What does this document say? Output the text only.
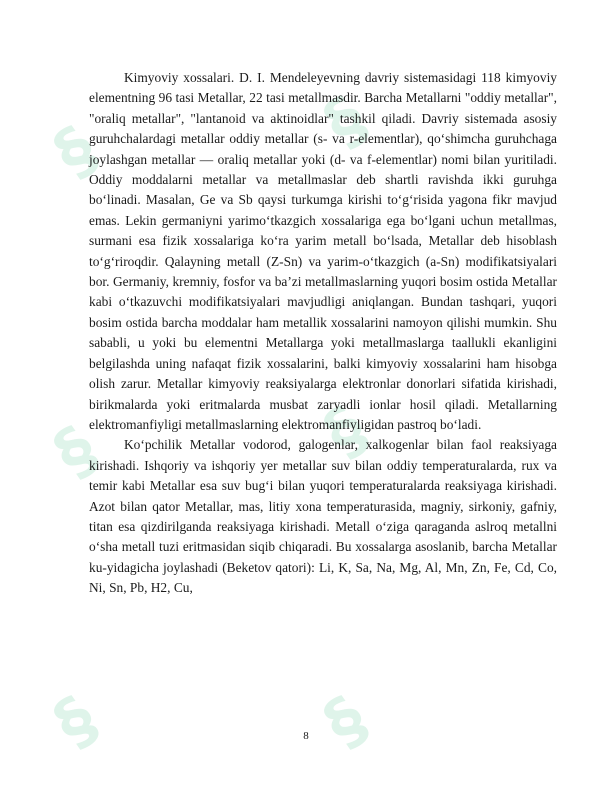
§	§
§	§
§	§

Kimyoviy xossalari. D. I. Mendeleyevning davriy sistemasidagi 118 kimyoviy elementning 96 tasi Metallar, 22 tasi metallmasdir. Barcha Metallarni "oddiy metallar", "oraliq metallar", "lantanoid va aktinoidlar" tashkil qiladi. Davriy sistemada asosiy guruhchalardagi metallar oddiy metallar (s- va r-elementlar), qo‘shimcha guruhchaga joylashgan metallar — oraliq metallar yoki (d- va f-elementlar) nomi bilan yuritiladi. Oddiy moddalarni metallar va metallmaslar deb shartli ravishda ikki guruhga bo‘linadi. Masalan, Ge va Sb qaysi turkumga kirishi to‘g‘risida yagona fikr mavjud emas. Lekin germaniyni yarimo‘tkazgich xossalariga ega bo‘lgani uchun metallmas, surmani esa fizik xossalariga ko‘ra yarim metall bo‘lsada, Metallar deb hisoblash to‘g‘riroqdir. Qalayning metall (Z-Sn) va yarim-o‘tkazgich (a-Sn) modifikatsiyalari bor. Germaniy, kremniy, fosfor va ba’zi metallmaslarning yuqori bosim ostida Metallar kabi o‘tkazuvchi modifikatsiyalari mavjudligi aniqlangan. Bundan tashqari, yuqori bosim ostida barcha moddalar ham metallik xossalarini namoyon qilishi mumkin. Shu sababli, u yoki bu elementni Metallarga yoki metallmaslarga taallukli ekanligini belgilashda uning nafaqat fizik xossalarini, balki kimyoviy xossalarini ham hisobga olish zarur. Metallar kimyoviy reaksiyalarga elektronlar donorlari sifatida kirishadi, birikmalarda yoki eritmalarda musbat zaryadli ionlar hosil qiladi. Metallarning elektromanfiyligi metallmaslarning elektromanfiyligidan pastroq bo‘ladi.

Ko‘pchilik Metallar vodorod, galogenlar, xalkogenlar bilan faol reaksiyaga kirishadi. Ishqoriy va ishqoriy yer metallar suv bilan oddiy temperaturalarda, rux va temir kabi Metallar esa suv bug‘i bilan yuqori temperaturalarda reaksiyaga kirishadi. Azot bilan qator Metallar, mas, litiy xona temperaturasida, magniy, sirkoniy, gafniy, titan esa qizdirilganda reaksiyaga kirishadi. Metall o‘ziga qaraganda aslroq metallni o‘sha metall tuzi eritmasidan siqib chiqaradi. Bu xossalarga asoslanib, barcha Metallar ku-yidagicha joylashadi (Beketov qatori): Li, K, Sa, Na, Mg, Al, Mn, Zn, Fe, Cd, Co, Ni, Sn, Pb, H2, Cu,

8
